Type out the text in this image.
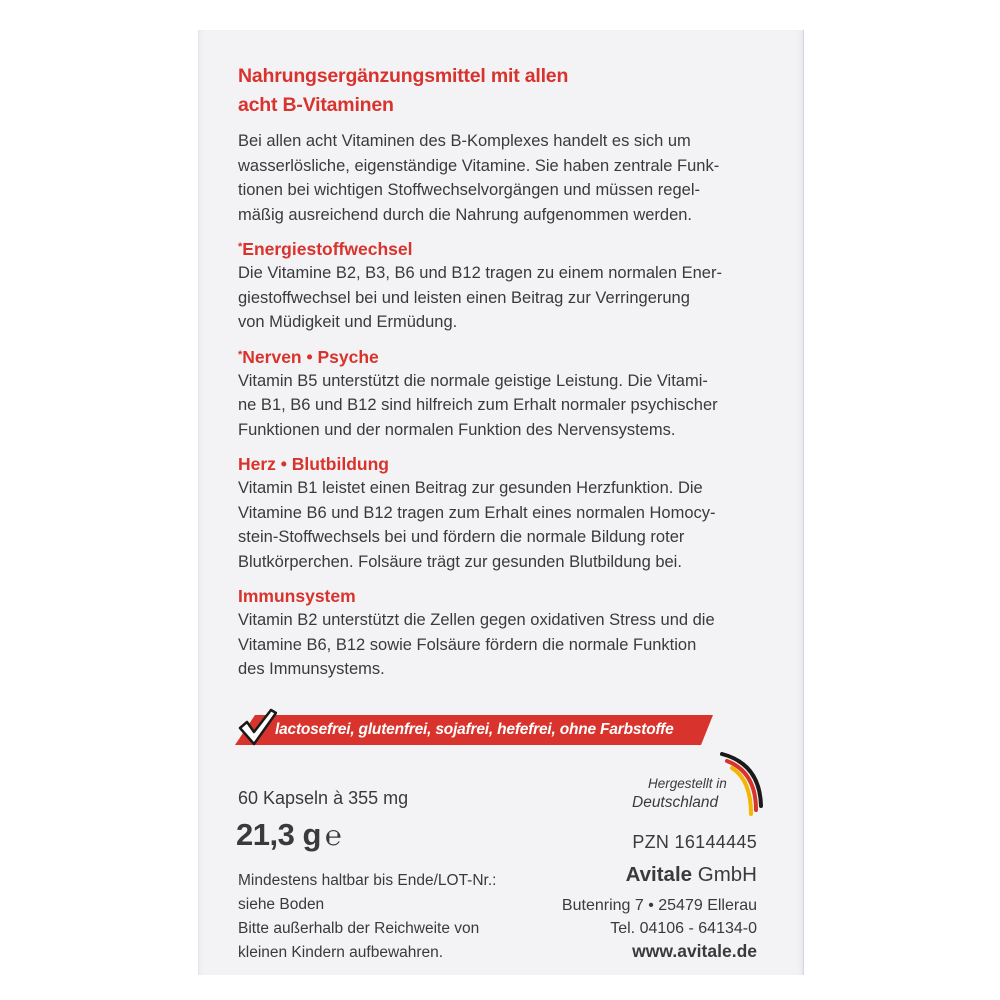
Nahrungsergänzungsmittel mit allen
acht B-Vitaminen

Bei allen acht Vitaminen des B-Komplexes handelt es sich um
wasserlösliche, eigenständige Vitamine. Sie haben zentrale Funk-
tionen bei wichtigen Stoffwechselvorgängen und müssen regel-
mäßig ausreichend durch die Nahrung aufgenommen werden.

*Energiestoffwechsel

Die Vitamine B2, B3, B6 und B12 tragen zu einem normalen Ener-
giestoffwechsel bei und leisten einen Beitrag zur Verringerung
von Müdigkeit und Ermüdung.

*Nerven • Psyche

Vitamin B5 unterstützt die normale geistige Leistung. Die Vitami-
ne B1, B6 und B12 sind hilfreich zum Erhalt normaler psychischer
Funktionen und der normalen Funktion des Nervensystems.

Herz • Blutbildung

Vitamin B1 leistet einen Beitrag zur gesunden Herzfunktion. Die
Vitamine B6 und B12 tragen zum Erhalt eines normalen Homocy-
stein-Stoffwechsels bei und fördern die normale Bildung roter
Blutkörperchen. Folsäure trägt zur gesunden Blutbildung bei.

Immunsystem

Vitamin B2 unterstützt die Zellen gegen oxidativen Stress und die
Vitamine B6, B12 sowie Folsäure fördern die normale Funktion
des Immunsystems.

lactosefrei, glutenfrei, sojafrei, hefefrei, ohne Farbstoffe
Hergestellt in
Deutschland
60 Kapseln à 355 mg
21,3 g ℮
Mindestens haltbar bis Ende/LOT-Nr.:
siehe Boden
Bitte außerhalb der Reichweite von
kleinen Kindern aufbewahren.
PZN 16144445
Avitale GmbH
Butenring 7 • 25479 Ellerau
Tel. 04106 - 64134-0
www.avitale.de
